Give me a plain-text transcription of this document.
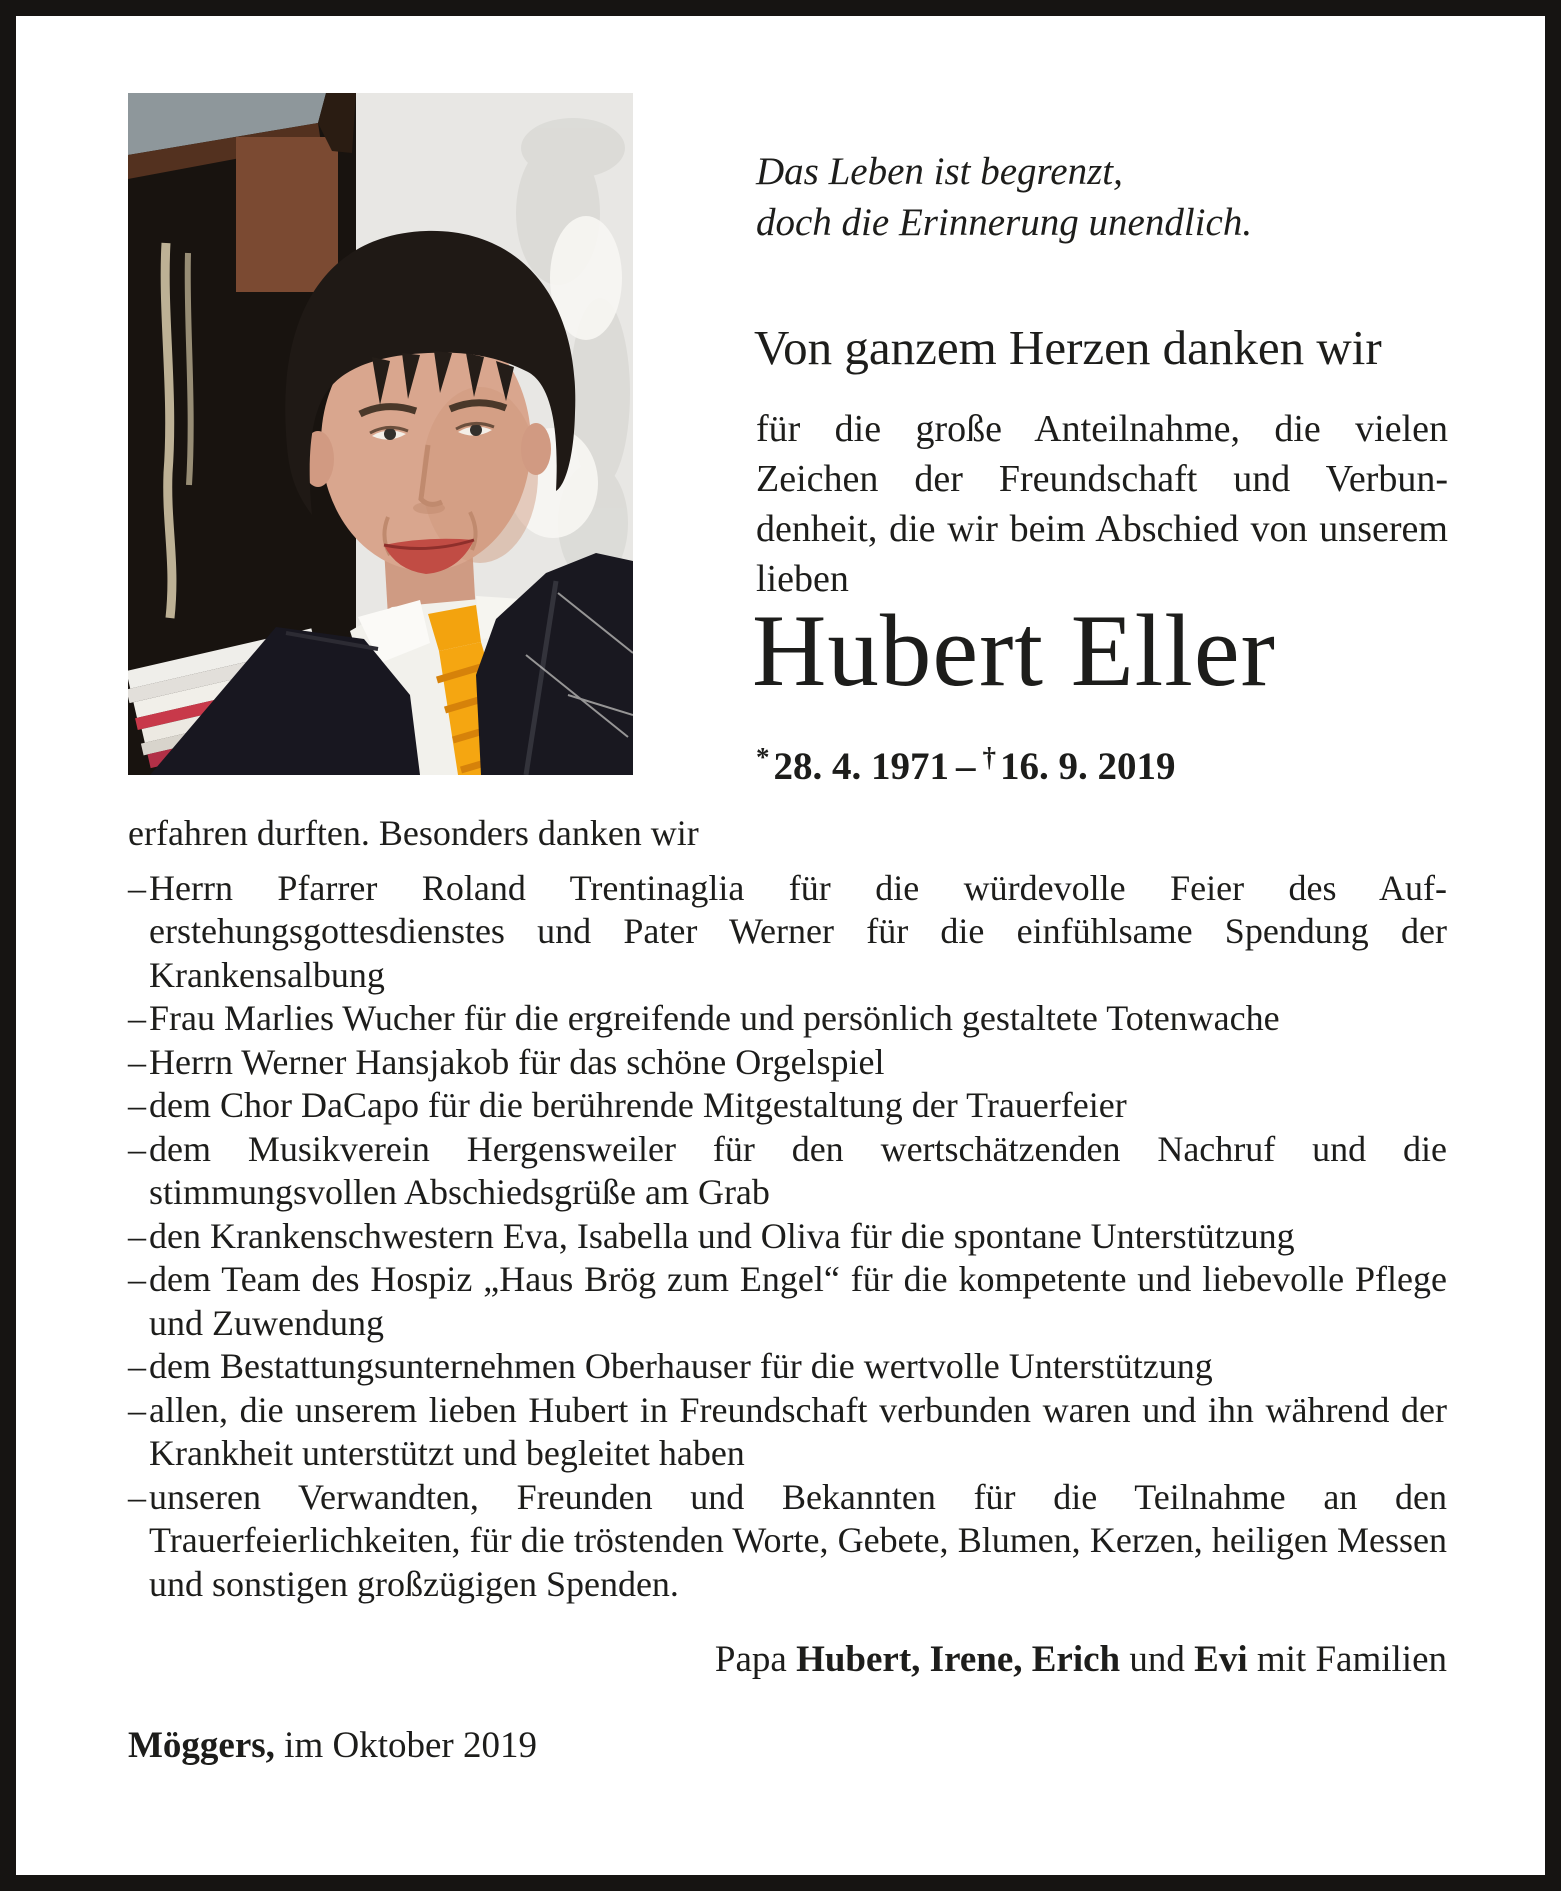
Das Leben ist begrenzt,
doch die Erinnerung unendlich.
Von ganzem Herzen danken wir
für die große Anteilnahme, die vielen Zeichen der Freundschaft und Verbundenheit, die wir beim Abschied von unserem lieben
Hubert Eller
* 28. 4. 1971 – † 16. 9. 2019

erfahren durften. Besonders danken wir

– Herrn Pfarrer Roland Trentinaglia für die würdevolle Feier des Auferstehungsgottesdienstes und Pater Werner für die einfühlsame Spendung der Krankensalbung
– Frau Marlies Wucher für die ergreifende und persönlich gestaltete Totenwache
– Herrn Werner Hansjakob für das schöne Orgelspiel
– dem Chor DaCapo für die berührende Mitgestaltung der Trauerfeier
– dem Musikverein Hergensweiler für den wertschätzenden Nachruf und die stimmungsvollen Abschiedsgrüße am Grab
– den Krankenschwestern Eva, Isabella und Oliva für die spontane Unterstützung
– dem Team des Hospiz „Haus Brög zum Engel“ für die kompetente und liebevolle Pflege und Zuwendung
– dem Bestattungsunternehmen Oberhauser für die wertvolle Unterstützung
– allen, die unserem lieben Hubert in Freundschaft verbunden waren und ihn während der Krankheit unterstützt und begleitet haben
– unseren Verwandten, Freunden und Bekannten für die Teilnahme an den Trauerfeierlichkeiten, für die tröstenden Worte, Gebete, Blumen, Kerzen, heiligen Messen und sonstigen großzügigen Spenden.
Papa Hubert, Irene, Erich und Evi mit Familien
Möggers, im Oktober 2019
